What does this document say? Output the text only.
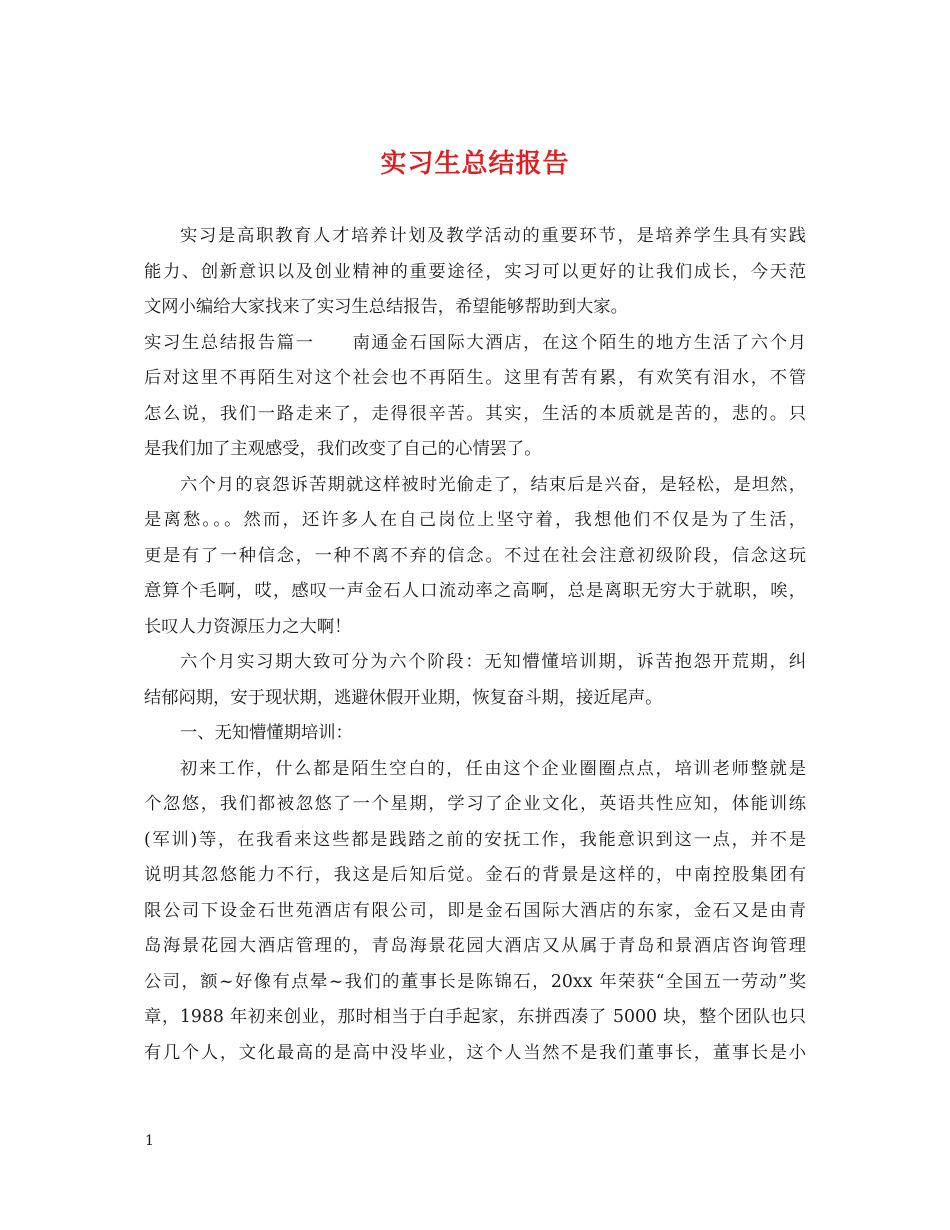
实习生总结报告
实习是高职教育人才培养计划及教学活动的重要环节，是培养学生具有实践
能力、创新意识以及创业精神的重要途径，实习可以更好的让我们成长，今天范
文网小编给大家找来了实习生总结报告，希望能够帮助到大家。
实习生总结报告篇一　　南通金石国际大酒店，在这个陌生的地方生活了六个月
后对这里不再陌生对这个社会也不再陌生。这里有苦有累，有欢笑有泪水，不管
怎么说，我们一路走来了，走得很辛苦。其实，生活的本质就是苦的，悲的。只
是我们加了主观感受，我们改变了自己的心情罢了。
六个月的哀怨诉苦期就这样被时光偷走了，结束后是兴奋，是轻松，是坦然，
是离愁。。。然而，还许多人在自己岗位上坚守着，我想他们不仅是为了生活，
更是有了一种信念，一种不离不弃的信念。不过在社会注意初级阶段，信念这玩
意算个毛啊，哎，感叹一声金石人口流动率之高啊，总是离职无穷大于就职，唉，
长叹人力资源压力之大啊！
六个月实习期大致可分为六个阶段：无知懵懂培训期，诉苦抱怨开荒期，纠
结郁闷期，安于现状期，逃避休假开业期，恢复奋斗期，接近尾声。
一、无知懵懂期培训：
初来工作，什么都是陌生空白的，任由这个企业圈圈点点，培训老师整就是
个忽悠，我们都被忽悠了一个星期，学习了企业文化，英语共性应知，体能训练
(军训)等，在我看来这些都是践踏之前的安抚工作，我能意识到这一点，并不是
说明其忽悠能力不行，我这是后知后觉。金石的背景是这样的，中南控股集团有
限公司下设金石世苑酒店有限公司，即是金石国际大酒店的东家，金石又是由青
岛海景花园大酒店管理的，青岛海景花园大酒店又从属于青岛和景酒店咨询管理
公司，额~好像有点晕~我们的董事长是陈锦石，20xx 年荣获“全国五一劳动”奖
章，1988 年初来创业，那时相当于白手起家，东拼西凑了 5000 块，整个团队也只
有几个人，文化最高的是高中没毕业，这个人当然不是我们董事长，董事长是小
1
